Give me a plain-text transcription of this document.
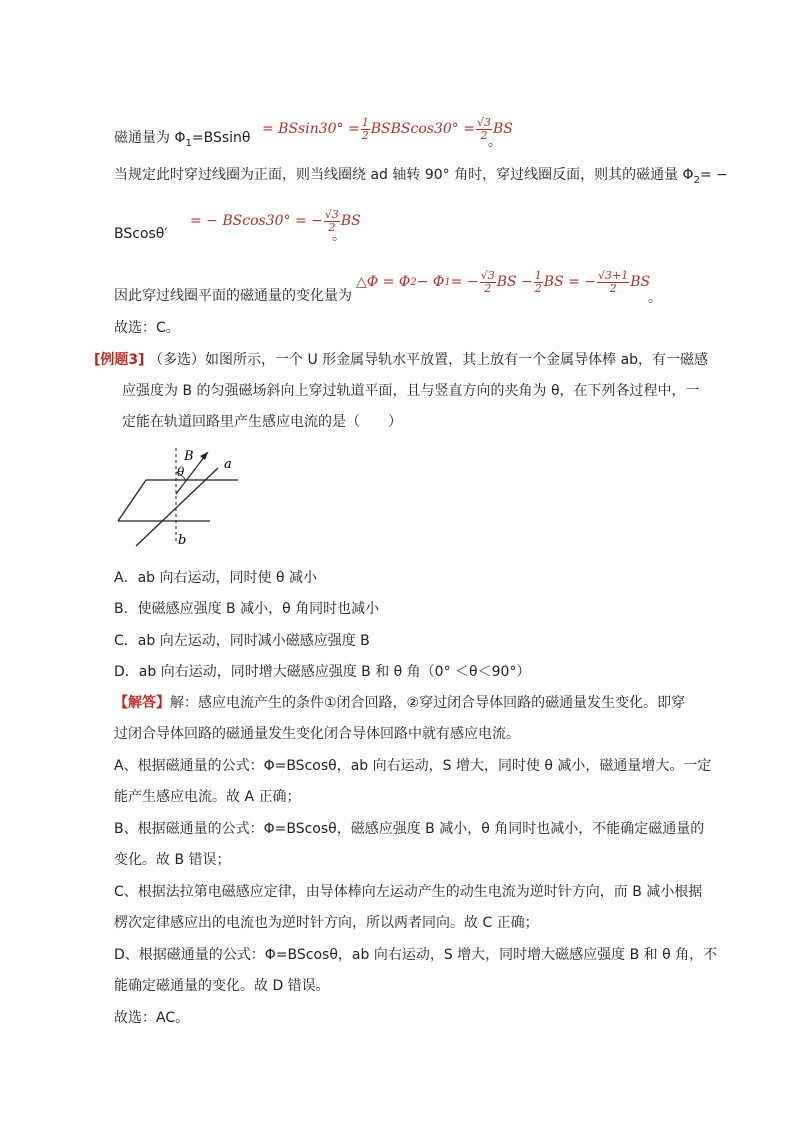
磁通量为 $\Phi_1=BSsin\theta$
= $BSsin30^\circ = \frac{1}{2}$ BSBScos30° = $\frac{√3}{2}$ BS
。
当规定此时穿过线圈为正面，则当线圈绕 ad 轴转 90° 角时，穿过线圈反面，则其的磁通量 $\Phi_2=$ −
BScosθ′
= − BScos30° = − $\frac{√3}{2}$ BS
。
因此穿过线圈平面的磁通量的变化量为
△Φ = Φ 2 − Φ 1 = − $\frac{√3}{2}$ BS − $\frac{1}{2}$ BS = − $\frac{√3+1}{2}$ BS
。
故选：C。
[例题3] （多选）如图所示，一个 U 形金属导轨水平放置，其上放有一个金属导体棒 ab，有一磁感
应强度为 B 的匀强磁场斜向上穿过轨道平面，且与竖直方向的夹角为 θ，在下列各过程中，一
定能在轨道回路里产生感应电流的是（　　）
B
θ	a
b
A．ab 向右运动，同时使 θ 减小
B．使磁感应强度 B 减小，θ 角同时也减小
C．ab 向左运动，同时减小磁感应强度 B
D．ab 向右运动，同时增大磁感应强度 B 和 θ 角（0° ＜θ＜90°）
【解答】解：感应电流产生的条件①闭合回路，②穿过闭合导体回路的磁通量发生变化。即穿
过闭合导体回路的磁通量发生变化闭合导体回路中就有感应电流。
A、根据磁通量的公式：Φ=BScosθ，ab 向右运动，S 增大，同时使 θ 减小，磁通量增大。一定
能产生感应电流。故 A 正确；
B、根据磁通量的公式：Φ=BScosθ，磁感应强度 B 减小，θ 角同时也减小，不能确定磁通量的
变化。故 B 错误；
C、根据法拉第电磁感应定律，由导体棒向左运动产生的动生电流为逆时针方向，而 B 减小根据
楞次定律感应出的电流也为逆时针方向，所以两者同向。故 C 正确；
D、根据磁通量的公式：Φ=BScosθ，ab 向右运动，S 增大，同时增大磁感应强度 B 和 θ 角，不
能确定磁通量的变化。故 D 错误。
故选：AC。
